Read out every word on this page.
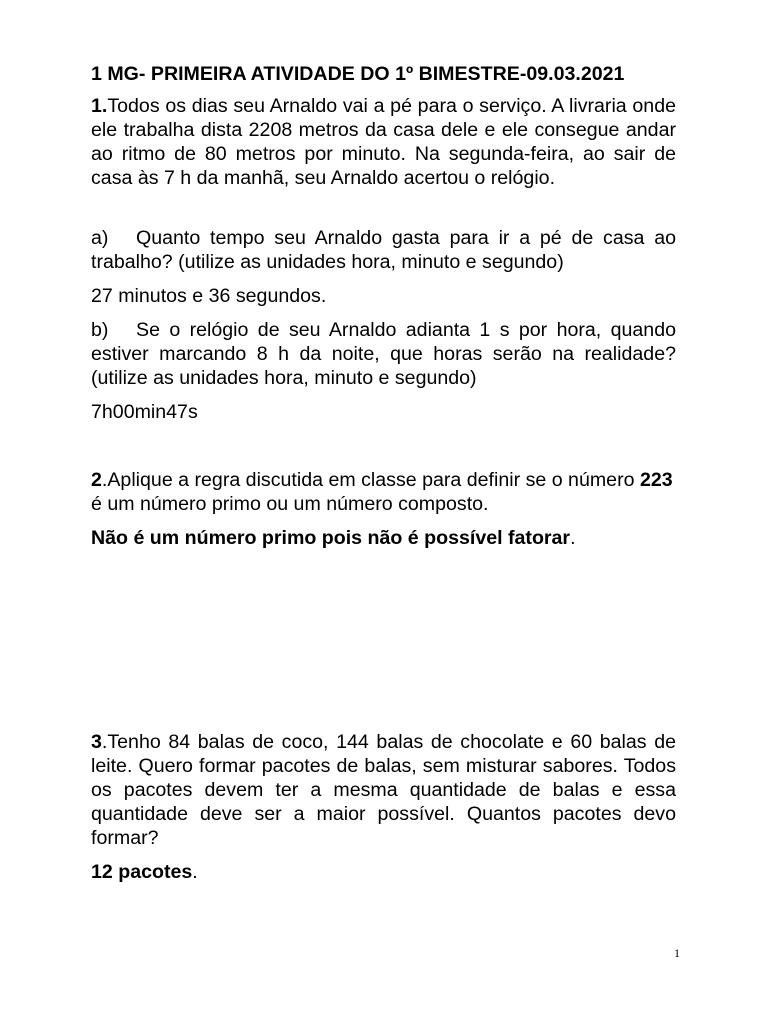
1 MG- PRIMEIRA ATIVIDADE DO 1º BIMESTRE-09.03.2021

1.Todos os dias seu Arnaldo vai a pé para o serviço. A livraria onde ele trabalha dista 2208 metros da casa dele e ele consegue andar ao ritmo de 80 metros por minuto. Na segunda-feira, ao sair de casa às 7 h da manhã, seu Arnaldo acertou o relógio.

a) Quanto tempo seu Arnaldo gasta para ir a pé de casa ao trabalho? (utilize as unidades hora, minuto e segundo)

27 minutos e 36 segundos.

b) Se o relógio de seu Arnaldo adianta 1 s por hora, quando estiver marcando 8 h da noite, que horas serão na realidade? (utilize as unidades hora, minuto e segundo)

7h00min47s

2.Aplique a regra discutida em classe para definir se o número 223 é um número primo ou um número composto.

Não é um número primo pois não é possível fatorar.

3.Tenho 84 balas de coco, 144 balas de chocolate e 60 balas de leite. Quero formar pacotes de balas, sem misturar sabores. Todos os pacotes devem ter a mesma quantidade de balas e essa quantidade deve ser a maior possível. Quantos pacotes devo formar?

12 pacotes.

1
